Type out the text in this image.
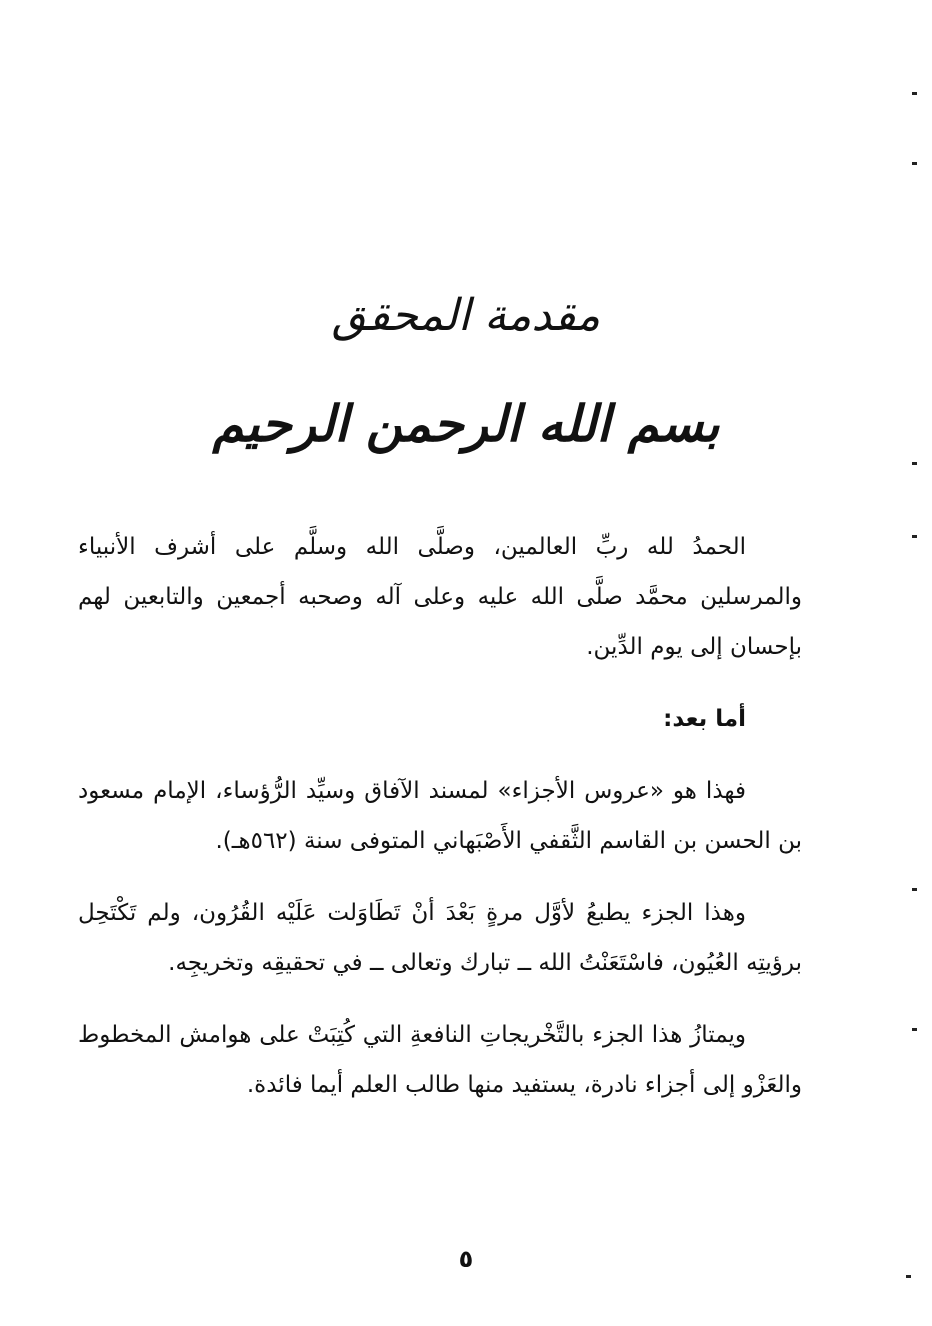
مقدمة المحقق
بسم الله الرحمن الرحيم

الحمدُ لله ربِّ العالمين، وصلَّى الله وسلَّم على أشرف الأنبياء والمرسلين محمَّد صلَّى الله عليه وعلى آله وصحبه أجمعين والتابعين لهم بإحسان إلى يوم الدِّين.

أما بعد:

فهذا هو «عروس الأجزاء» لمسند الآفاق وسيِّد الرُّؤساء، الإمام مسعود بن الحسن بن القاسم الثَّقفي الأَصْبَهاني المتوفى سنة (٥٦٢هـ).

وهذا الجزء يطبعُ لأوَّل مرةٍ بَعْدَ أنْ تَطَاوَلت عَلَيْه القُرُون، ولم تَكْتَحِل برؤيتِه العُيُون، فاسْتَعَنْتُ الله ــ تبارك وتعالى ــ في تحقيقِه وتخريجِه.

ويمتازُ هذا الجزء بالتَّخْريجاتِ النافعةِ التي كُتِبَتْ على هوامش المخطوط والعَزْو إلى أجزاء نادرة، يستفيد منها طالب العلم أيما فائدة.

٥
